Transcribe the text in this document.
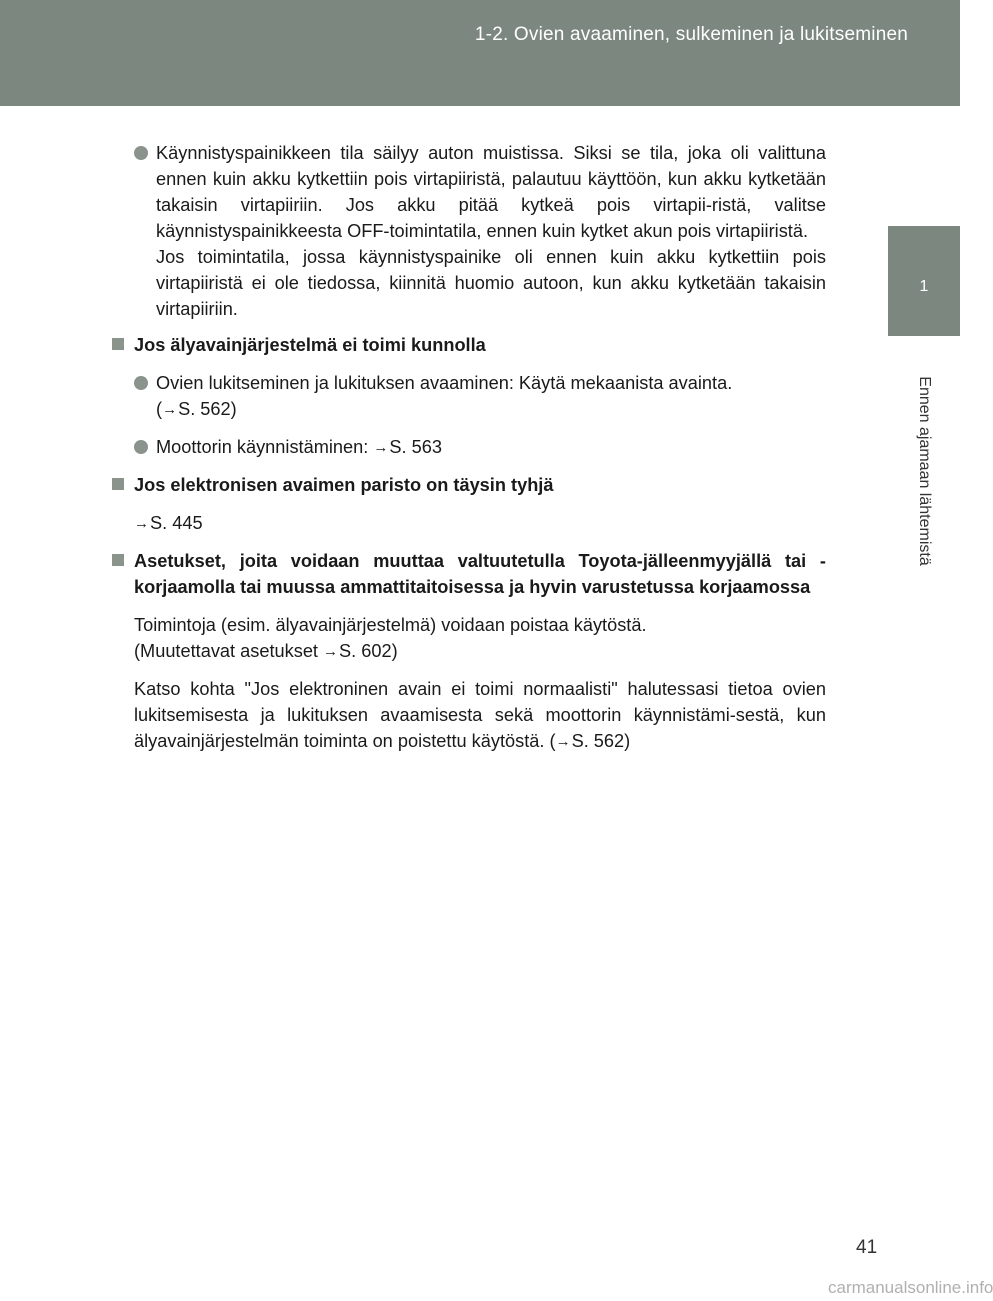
1-2. Ovien avaaminen, sulkeminen ja lukitseminen
1
Ennen ajamaan lähtemistä
Käynnistyspainikkeen tila säilyy auton muistissa. Siksi se tila, joka oli valittuna ennen kuin akku kytkettiin pois virtapiiristä, palautuu käyttöön, kun akku kytketään takaisin virtapiiriin. Jos akku pitää kytkeä pois virtapii-ristä, valitse käynnistyspainikkeesta OFF-toimintatila, ennen kuin kytket akun pois virtapiiristä.
Jos toimintatila, jossa käynnistyspainike oli ennen kuin akku kytkettiin pois virtapiiristä ei ole tiedossa, kiinnitä huomio autoon, kun akku kytketään takaisin virtapiiriin.
Jos älyavainjärjestelmä ei toimi kunnolla
Ovien lukitseminen ja lukituksen avaaminen: Käytä mekaanista avainta.
(→S. 562)
Moottorin käynnistäminen: →S. 563
Jos elektronisen avaimen paristo on täysin tyhjä
→S. 445
Asetukset, joita voidaan muuttaa valtuutetulla Toyota-jälleenmyyjällä tai -korjaamolla tai muussa ammattitaitoisessa ja hyvin varustetussa korjaamossa
Toimintoja (esim. älyavainjärjestelmä) voidaan poistaa käytöstä.
(Muutettavat asetukset →S. 602)
Katso kohta "Jos elektroninen avain ei toimi normaalisti" halutessasi tietoa ovien lukitsemisesta ja lukituksen avaamisesta sekä moottorin käynnistämi-sestä, kun älyavainjärjestelmän toiminta on poistettu käytöstä. (→S. 562)
41
carmanualsonline.info
